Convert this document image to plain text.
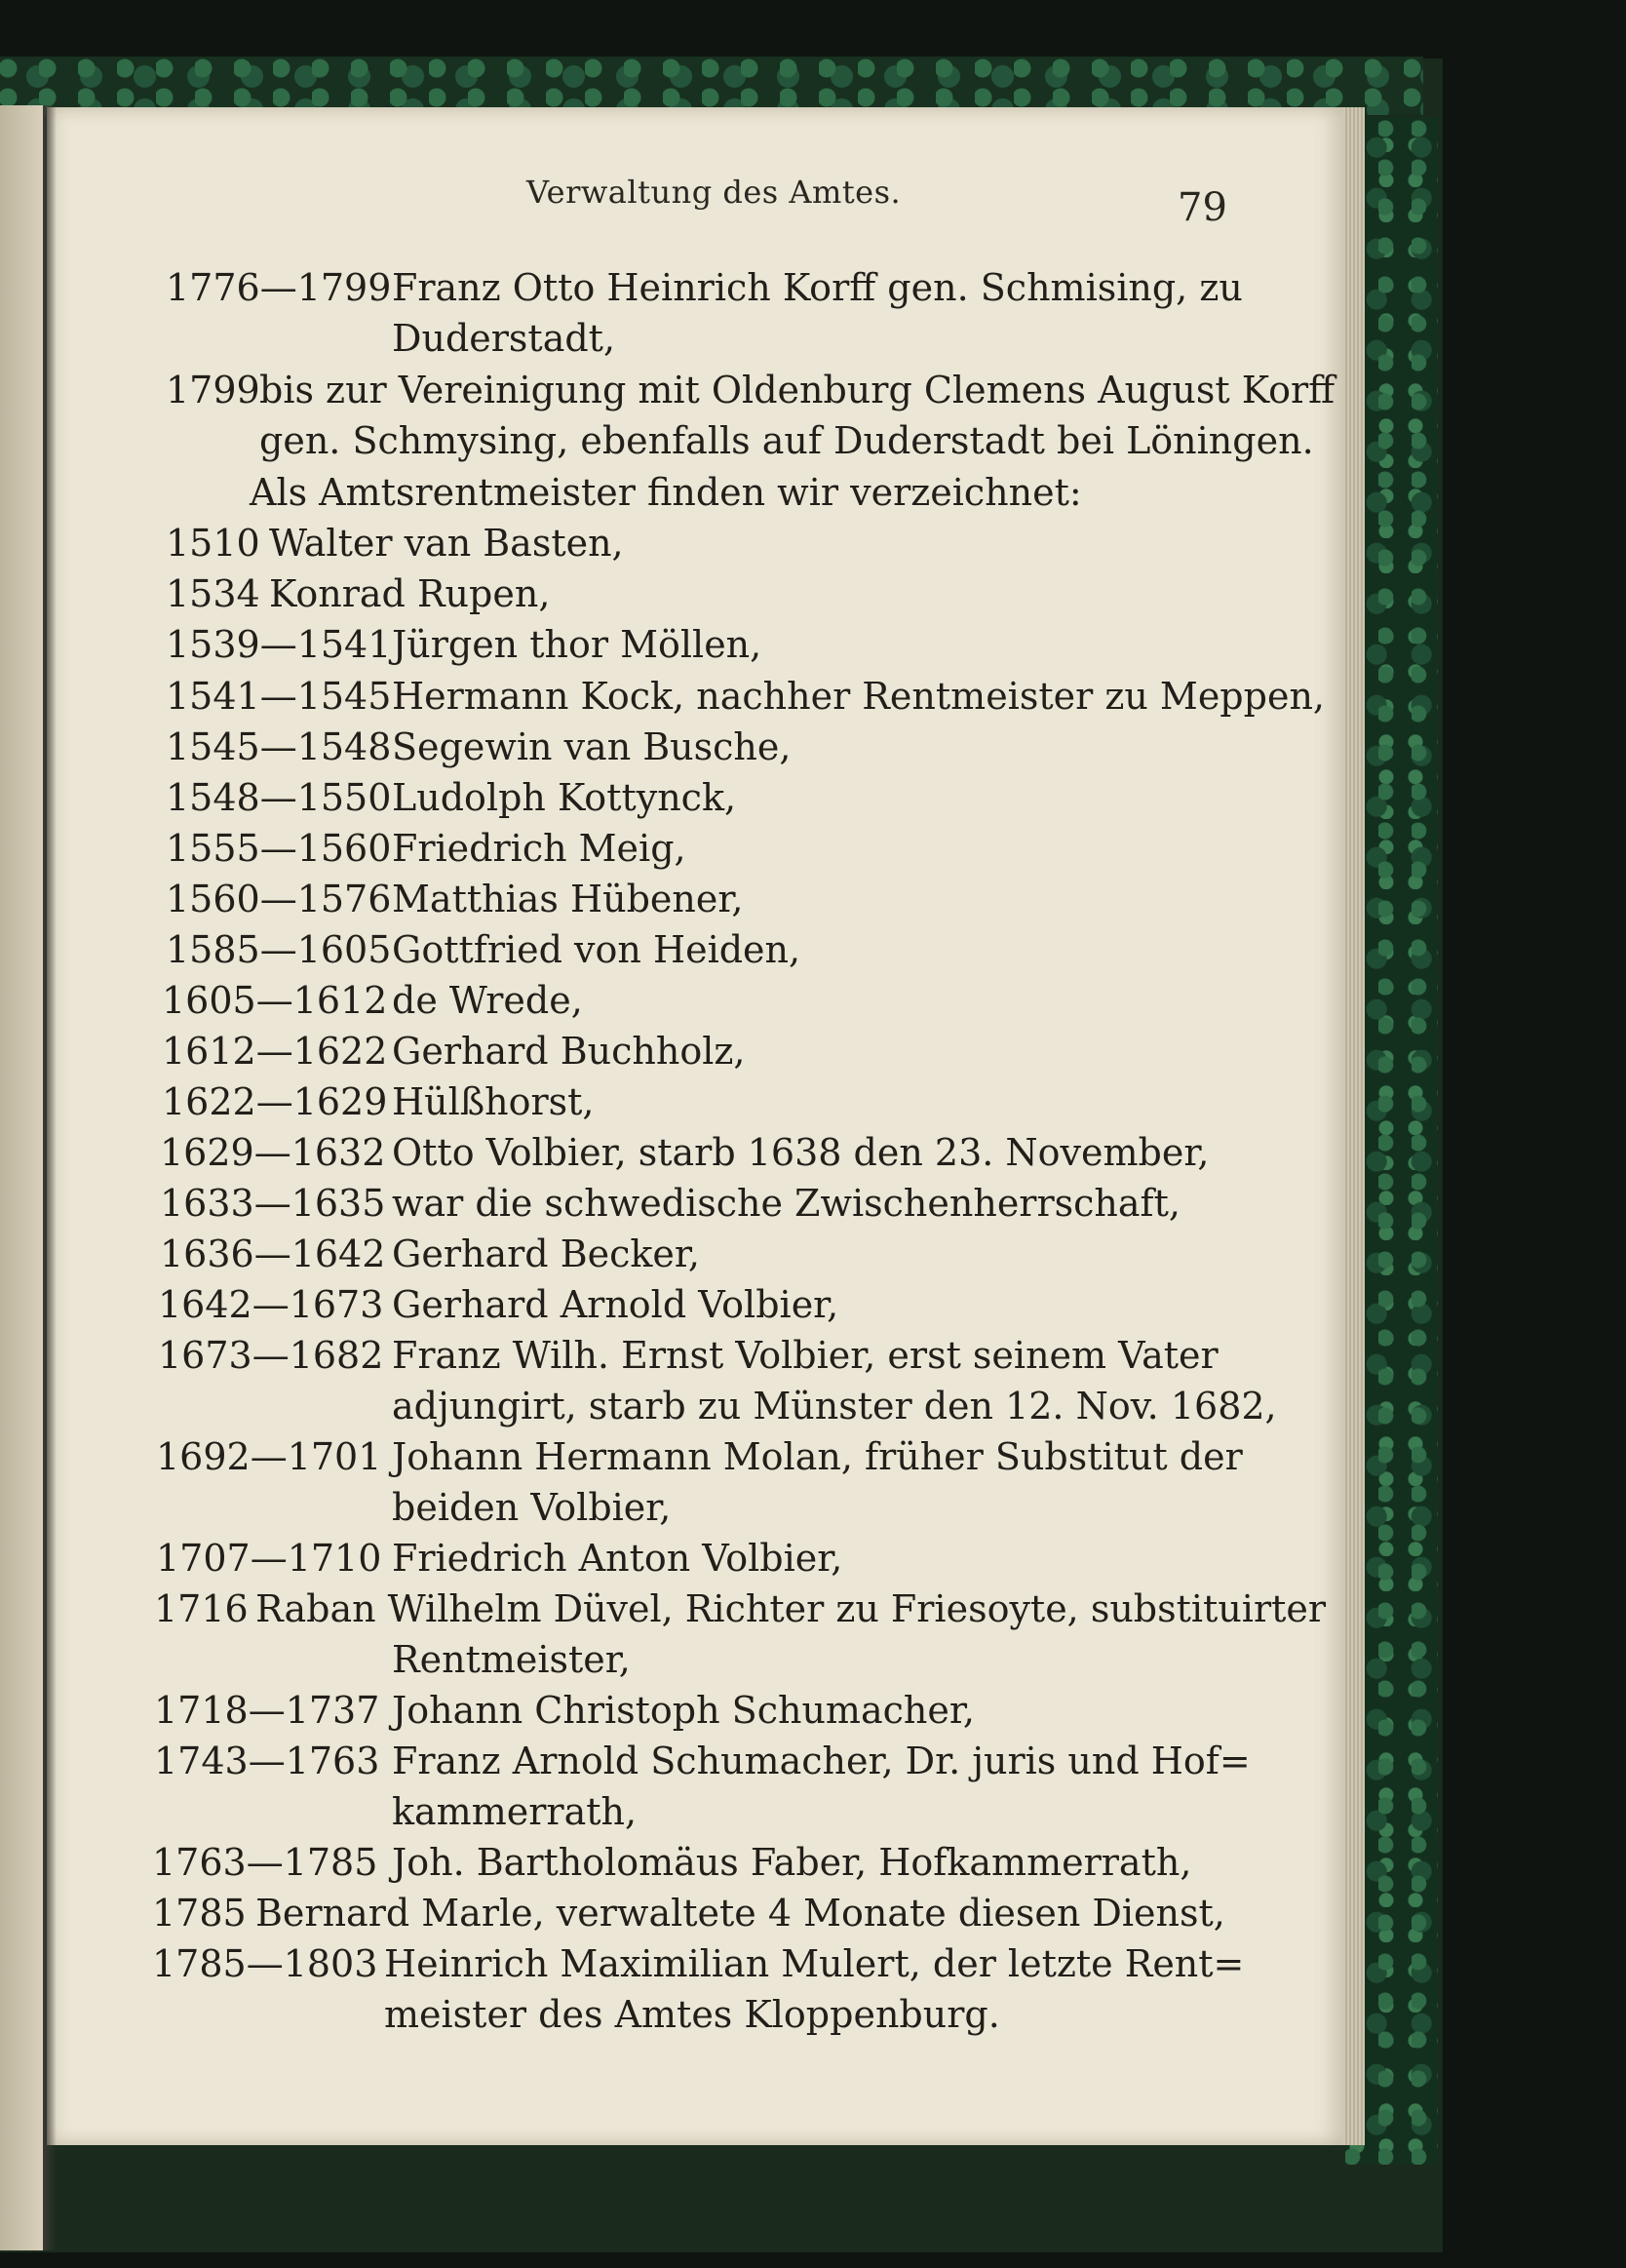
Verwaltung des Amtes.	79
1776—1799 Franz Otto Heinrich Korff gen. Schmising, zu
Duderstadt,
1799 bis zur Vereinigung mit Oldenburg Clemens August Korff
gen. Schmysing, ebenfalls auf Duderstadt bei Löningen.
Als Amtsrentmeister finden wir verzeichnet:
1510 Walter van Basten,
1534 Konrad Rupen,
1539—1541 Jürgen thor Möllen,
1541—1545 Hermann Kock, nachher Rentmeister zu Meppen,
1545—1548 Segewin van Busche,
1548—1550 Ludolph Kottynck,
1555—1560 Friedrich Meig,
1560—1576 Matthias Hübener,
1585—1605 Gottfried von Heiden,
1605—1612 de Wrede,
1612—1622 Gerhard Buchholz,
1622—1629 Hülßhorst,
1629—1632 Otto Volbier, starb 1638 den 23. November,
1633—1635 war die schwedische Zwischenherrschaft,
1636—1642 Gerhard Becker,
1642—1673 Gerhard Arnold Volbier,
1673—1682 Franz Wilh. Ernst Volbier, erst seinem Vater
adjungirt, starb zu Münster den 12. Nov. 1682,
1692—1701 Johann Hermann Molan, früher Substitut der
beiden Volbier,
1707—1710 Friedrich Anton Volbier,
1716 Raban Wilhelm Düvel, Richter zu Friesoyte, substituirter
Rentmeister,
1718—1737 Johann Christoph Schumacher,
1743—1763 Franz Arnold Schumacher, Dr. juris und Hof=
kammerrath,
1763—1785 Joh. Bartholomäus Faber, Hofkammerrath,
1785 Bernard Marle, verwaltete 4 Monate diesen Dienst,
1785—1803 Heinrich Maximilian Mulert, der letzte Rent=
meister des Amtes Kloppenburg.
